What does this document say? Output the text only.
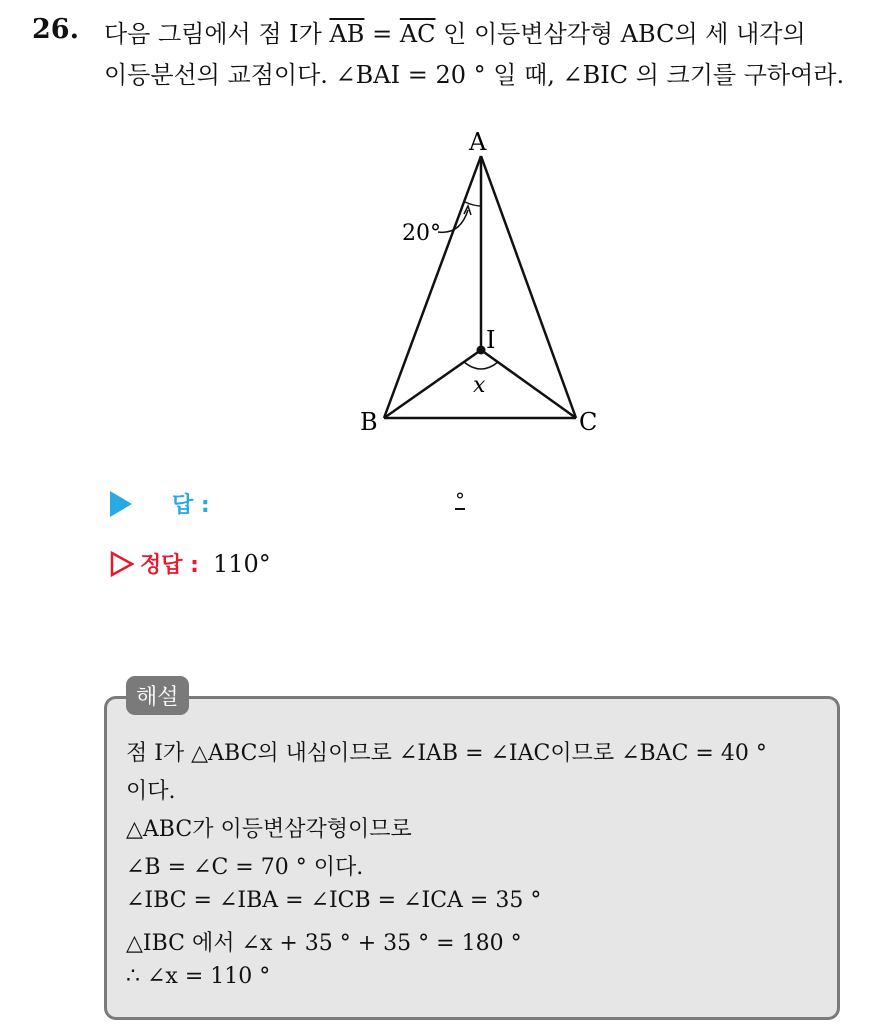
26. 다음 그림에서 점 I가 $\overline{AB} = \overline{AC}$ 인 이등변삼각형 ABC의 세 내각의
이등분선의 교점이다. ∠BAI = 20 ° 일 때, ∠BIC 의 크기를 구하여라.
A
B	C
I
20°
x
답 :	°
정답 : 110°
해설
점 I가 △ABC의 내심이므로 ∠IAB = ∠IAC이므로 ∠BAC = 40 °
이다.
△ABC가 이등변삼각형이므로
∠B = ∠C = 70 ° 이다.
∠IBC = ∠IBA = ∠ICB = ∠ICA = 35 °
△IBC 에서 ∠x + 35 ° + 35 ° = 180 °
∴ ∠x = 110 °
